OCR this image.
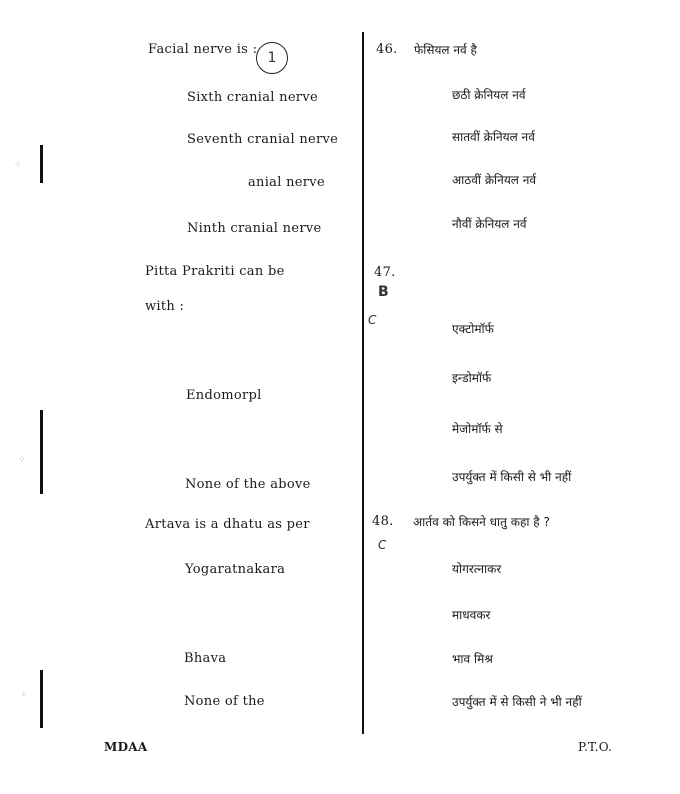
⁘
⁘
⁘
Facial nerve is :
1
Sixth cranial nerve
Seventh cranial nerve
anial nerve
Ninth cranial nerve
Pitta Prakriti can be
with :
Endomorpl
None of the above
Artava is a dhatu as per
Yogaratnakara
Bhava
None of the
46. फेसियल नर्व है
छठी क्रेनियल नर्व
सातवीं क्रेनियल नर्व
आठवीं क्रेनियल नर्व
नौवीं क्रेनियल नर्व
47.
B
C
एक्टोमॉर्फ
इन्डोमॉर्फ
मेजोमॉर्फ से
उपर्युक्त में किसी से भी नहीं
48. आर्तव को किसने धातु कहा है ?
C
योगरत्नाकर
माधवकर
भाव मिश्र
उपर्युक्त में से किसी ने भी नहीं
MDAA	P.T.O.
